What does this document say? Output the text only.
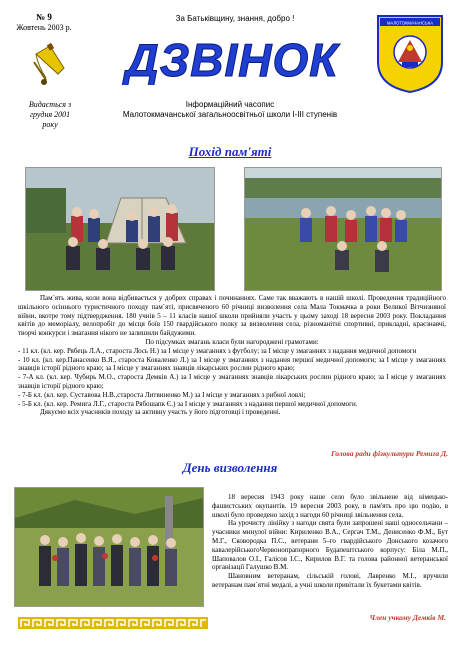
№ 9
Жовтень 2003 р.
За Батьківщину, знання, добро !
ДЗВІНОК
МАЛОТОКМАЧАНСЬКА
Видається з
грудня 2001
року
Інформаційний часопис
Малотокмачанської загальноосвітньої школи І-ІІІ ступенів
Похід пам'яті

Пам`ять жива, коли вона відбивається у добрих справах і починаннях. Саме так вважають в нашій школі. Проведення традиційного шкільного осіннього туристичного походу пам`яті, присвяченого 60 річниці визволення села Мала Токмачка в роки Великої Вітчизняної війни, вкотре тому підтвердження. 180 учнів 5 – 11 класів нашої школи прийняли участь у цьому заході 18 вересня 2003 року. Покладання квітів до меморіалу, велопробіг до місця боїв 150 гвардійського полку за визволення села, різноманітні спортивні, прикладні, краєзнавчі, творчі конкурси і змагання нікого не залишили байдужими.

По підсумках змагань класи були нагороджені грамотами:

- 11 кл. (кл. кер. Рябець Л.А., староста Лось Н.) за І місце у змаганнях з футболу; за І місце у змаганнях з надання медичної допомоги

- 10 кл. (кл. кер.Панасенко В.Я., староста Коваленко Л.) за І місце у змаганнях з надання першої медичної допомоги; за І місце у змаганнях знавців історії рідного краю; за І місце у змаганнях знавців лікарських рослин рідного краю;

- 7-А кл. (кл. кер. Чубирь М.О., староста Демків А.) за І місце у змаганнях знавців лікарських рослин рідного краю; за І місце у змаганнях знавців історії рідного краю;

- 7-Б кл. (кл. кер. Суставова Н.В.,староста Литвиненко М.) за І місце у змаганнях з рибної ловлі;

- 5-Б кл. (кл. кер. Ремига Л.Г., староста Рябошапк Є.) за І місце у змаганнях з надання першої медичної допомоги.

Дякуємо всіх учасників походу за активну участь у його підготовці і проведенні.

Голова ради фізкультури Ремига Д.
День визволення

18 вересня 1943 року наше село було звільнене від німецько-фашистських окупантів. 19 вересня 2003 року, в пам'ять про цю подію, в школі було проведено захід з нагоди 60 річниці звільнення села.

На урочисту лінійку з нагоди свята були запрошені наші односельчани – учасники минулої війни: Кириленко В.А., Сергач Т.М., Денисенко Ф.М., Бут М.Г., Сковородка П.С., ветерани 5–го гвардійського Донського козачого кавалерійськогоЧервонопрапорного Будапештського корпусу: Біла М.П., Шаповалов О.І., Галісов І.С., Кирилов В.Г. та голова районної ветеранської організації Галушко В.М.

Шановним ветеранам, сільській голові, Лавренко М.І., вручили ветеранам пам`ятні медалі, а учні школи привітали їх букетами квітів.

Член учкому Демків М.
